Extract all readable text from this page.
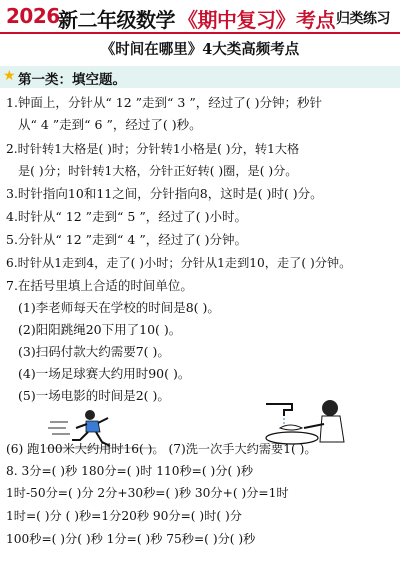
2026
新二年级数学 《期中复习》 考点 归类练习
《时间在哪里》4大类高频考点
★ 第一类：填空题。
1.钟面上，分针从“ 12 ”走到“ 3 ”，经过了( )分钟；秒针
从“ 4 ”走到“ 6 ”，经过了( )秒。
2.时针转1大格是( )时；分针转1小格是( )分，转1大格
是( )分；时针转1大格，分针正好转( )圈，是( )分。
3.时针指向10和11之间，分针指向8，这时是( )时( )分。
4.时针从“ 12 ”走到“ 5 ”，经过了( )小时。
5.分针从“ 12 ”走到“ 4 ”，经过了( )分钟。
6.时针从1走到4，走了( )小时；分针从1走到10，走了( )分钟。
7.在括号里填上合适的时间单位。
(1)李老师每天在学校的时间是8( )。
(2)阳阳跳绳20下用了10( )。
(3)扫码付款大约需要7( )。
(4)一场足球赛大约用时90( )。
(5)一场电影的时间是2( )。
(6) 跑100米大约用时16( )。 (7)洗一次手大约需要1( )。
8. 3分=( )秒 180分=( )时 110秒=( )分( )秒
1时-50分=( )分 2分+30秒=( )秒 30分+( )分=1时
1时=( )分 ( )秒=1分20秒 90分=( )时( )分
100秒=( )分( )秒 1分=( )秒 75秒=( )分( )秒
